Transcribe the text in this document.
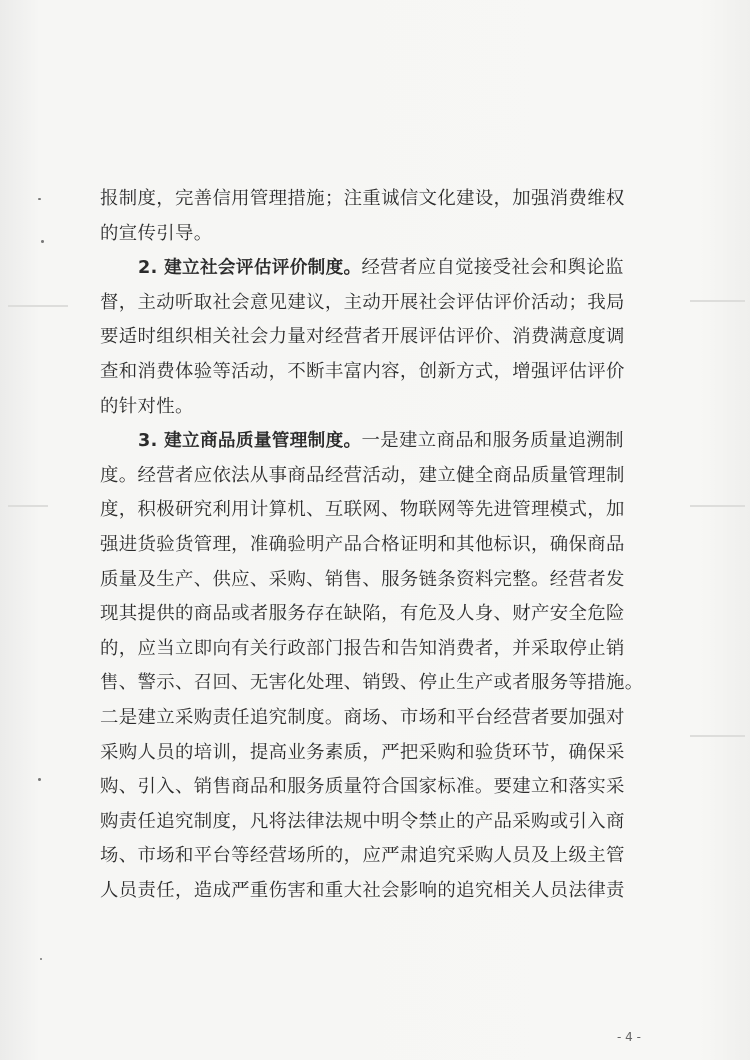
报制度，完善信用管理措施；注重诚信文化建设，加强消费维权
的宣传引导。
2. 建立社会评估评价制度。经营者应自觉接受社会和舆论监
督，主动听取社会意见建议，主动开展社会评估评价活动；我局
要适时组织相关社会力量对经营者开展评估评价、消费满意度调
查和消费体验等活动，不断丰富内容，创新方式，增强评估评价
的针对性。
3. 建立商品质量管理制度。一是建立商品和服务质量追溯制
度。经营者应依法从事商品经营活动，建立健全商品质量管理制
度，积极研究利用计算机、互联网、物联网等先进管理模式，加
强进货验货管理，准确验明产品合格证明和其他标识，确保商品
质量及生产、供应、采购、销售、服务链条资料完整。经营者发
现其提供的商品或者服务存在缺陷，有危及人身、财产安全危险
的，应当立即向有关行政部门报告和告知消费者，并采取停止销
售、警示、召回、无害化处理、销毁、停止生产或者服务等措施。
二是建立采购责任追究制度。商场、市场和平台经营者要加强对
采购人员的培训，提高业务素质，严把采购和验货环节，确保采
购、引入、销售商品和服务质量符合国家标准。要建立和落实采
购责任追究制度，凡将法律法规中明令禁止的产品采购或引入商
场、市场和平台等经营场所的，应严肃追究采购人员及上级主管
人员责任，造成严重伤害和重大社会影响的追究相关人员法律责
- 4 -
